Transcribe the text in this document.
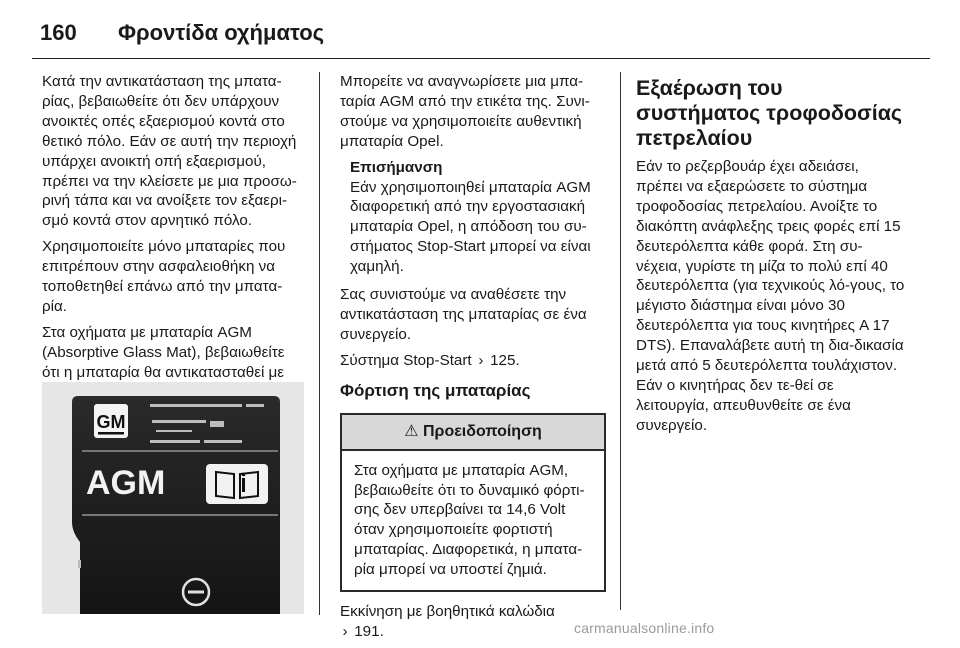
160 Φροντίδα οχήματος

Κατά την αντικατάσταση της μπατα-ρίας, βεβαιωθείτε ότι δεν υπάρχουν ανοικτές οπές εξαερισμού κοντά στο θετικό πόλο. Εάν σε αυτή την περιοχή υπάρχει ανοικτή οπή εξαερισμού, πρέπει να την κλείσετε με μια προσω-ρινή τάπα και να ανοίξετε τον εξαερι-σμό κοντά στον αρνητικό πόλο.

Χρησιμοποιείτε μόνο μπαταρίες που επιτρέπουν στην ασφαλειοθήκη να τοποθετηθεί επάνω από την μπατα-ρία.

Στα οχήματα με μπαταρία AGM (Absorptive Glass Mat), βεβαιωθείτε ότι η μπαταρία θα αντικατασταθεί με

GM
AGM

Μπορείτε να αναγνωρίσετε μια μπα-ταρία AGM από την ετικέτα της. Συνι-στούμε να χρησιμοποιείτε αυθεντική μπαταρία Opel.

Επισήμανση
Εάν χρησιμοποιηθεί μπαταρία AGM διαφορετική από την εργοστασιακή μπαταρία Opel, η απόδοση του συ-στήματος Stop-Start μπορεί να είναι χαμηλή.

Σας συνιστούμε να αναθέσετε την αντικατάσταση της μπαταρίας σε ένα συνεργείο.

Σύστημα Stop-Start › 125.

Φόρτιση της μπαταρίας
⚠ Προειδοποίηση
Στα οχήματα με μπαταρία AGM, βεβαιωθείτε ότι το δυναμικό φόρτι-σης δεν υπερβαίνει τα 14,6 Volt όταν χρησιμοποιείτε φορτιστή μπαταρίας. Διαφορετικά, η μπατα-ρία μπορεί να υποστεί ζημιά.

Εκκίνηση με βοηθητικά καλώδια

› 191.

Εξαέρωση του συστήματος τροφοδοσίας πετρελαίου

Εάν το ρεζερβουάρ έχει αδειάσει, πρέπει να εξαερώσετε το σύστημα τροφοδοσίας πετρελαίου. Ανοίξτε το διακόπτη ανάφλεξης τρεις φορές επί 15 δευτερόλεπτα κάθε φορά. Στη συ-νέχεια, γυρίστε τη μίζα το πολύ επί 40 δευτερόλεπτα (για τεχνικούς λό-γους, το μέγιστο διάστημα είναι μόνο 30 δευτερόλεπτα για τους κινητήρες A 17 DTS). Επαναλάβετε αυτή τη δια-δικασία μετά από 5 δευτερόλεπτα τουλάχιστον. Εάν ο κινητήρας δεν τε-θεί σε λειτουργία, απευθυνθείτε σε ένα συνεργείο.

carmanualsonline.info
